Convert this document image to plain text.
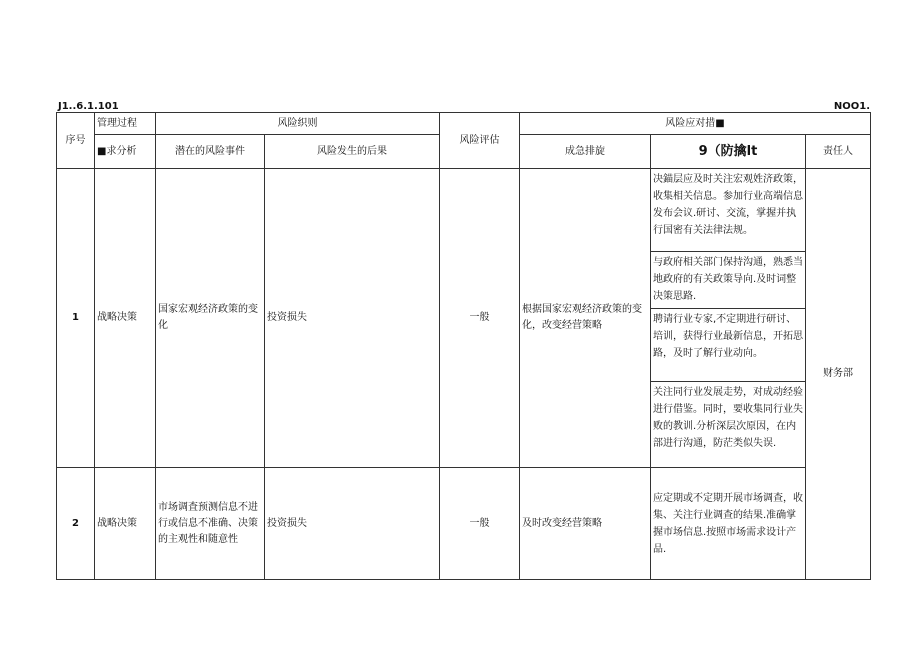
J1..6.1.101	NOO1.
序号	管理过程	风险织则		风险评估	风险应对措■		
	■求分析	潜在的风险事件	风险发生的后果		成急排旋	9（防擒lt	责任人
1	战略决策	国家宏观经济政策的变化	投资损失	一般	根据国家宏观经济政策的变化，改变经营策略	决錨层应及时关注宏观姓济政策，收集相关信息。参加行业高端信息发布会议.研讨、交流，掌握并执行国密有关法律法规。
与政府相关部门保持沟通，熟悉当地政府的有关政策导向.及时词整决策思路.
聘请行业专家,不定期进行研讨、培训，获得行业最新信息，开拓思路，及时了解行业动向。
关注同行业发展走势，对成动经验进行借鉴。同时，要收集同行业失败的教训.分析深层次原因，在内部进行沟通，防茫类似失误.	财务部
2	战略决策	市场调査预测信息不进行或信息不准确、决策的主观性和随意性	投资损失	一般	及时改变经营策略	应定期或不定期开展市场调查，收集、关注行业调查的结果.准确掌握市场信息.按照市场需求设计产品.	
